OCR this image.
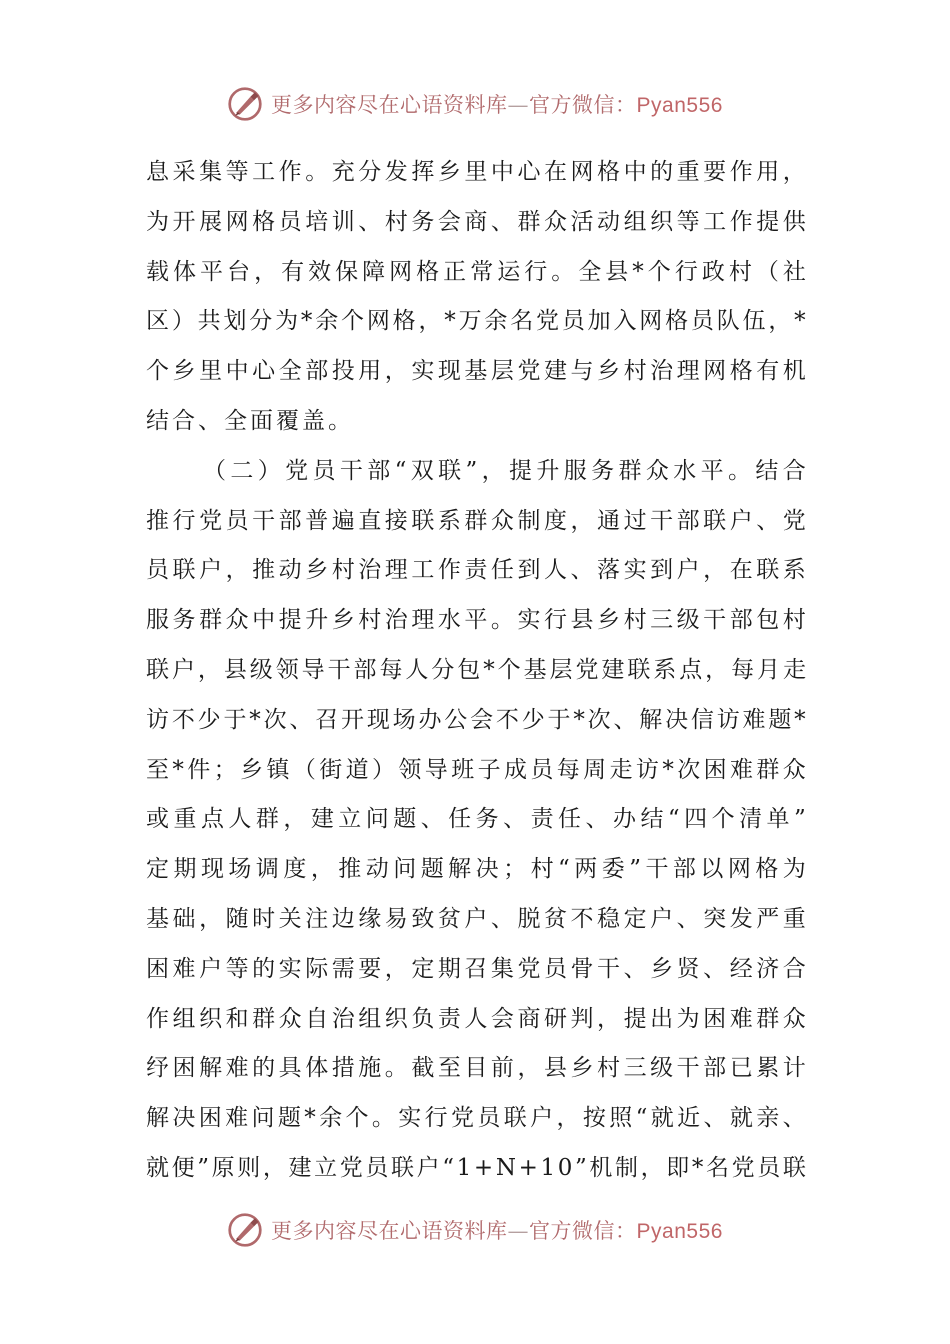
更多内容尽在心语资料库—官方微信：Pyan556
息 采 集 等 工 作 。 充 分 发 挥 乡 里 中 心 在 网 格 中 的 重 要 作 用 ，
为 开 展 网 格 员 培 训 、 村 务 会 商 、 群 众 活 动 组 织 等 工 作 提 供
载 体 平 台 ， 有 效 保 障 网 格 正 常 运 行 。 全 县 * 个 行 政 村 （ 社
区 ） 共 划 分 为 * 余 个 网 格 ， * 万 余 名 党 员 加 入 网 格 员 队 伍 ， *
个 乡 里 中 心 全 部 投 用 ， 实 现 基 层 党 建 与 乡 村 治 理 网 格 有 机
结合、全面覆盖。
（ 二 ） 党 员 干 部 “ 双 联 ” ， 提 升 服 务 群 众 水 平 。 结 合
推 行 党 员 干 部 普 遍 直 接 联 系 群 众 制 度 ， 通 过 干 部 联 户 、 党
员 联 户 ， 推 动 乡 村 治 理 工 作 责 任 到 人 、 落 实 到 户 ， 在 联 系
服 务 群 众 中 提 升 乡 村 治 理 水 平 。 实 行 县 乡 村 三 级 干 部 包 村
联 户 ， 县 级 领 导 干 部 每 人 分 包 * 个 基 层 党 建 联 系 点 ， 每 月 走
访 不 少 于 * 次 、 召 开 现 场 办 公 会 不 少 于 * 次 、 解 决 信 访 难 题 *
至 * 件 ； 乡 镇 （ 街 道 ） 领 导 班 子 成 员 每 周 走 访 * 次 困 难 群 众
或 重 点 人 群 ， 建 立 问 题 、 任 务 、 责 任 、 办 结 “ 四 个 清 单 ”
定 期 现 场 调 度 ， 推 动 问 题 解 决 ； 村 “ 两 委 ” 干 部 以 网 格 为
基 础 ， 随 时 关 注 边 缘 易 致 贫 户 、 脱 贫 不 稳 定 户 、 突 发 严 重
困 难 户 等 的 实 际 需 要 ， 定 期 召 集 党 员 骨 干 、 乡 贤 、 经 济 合
作 组 织 和 群 众 自 治 组 织 负 责 人 会 商 研 判 ， 提 出 为 困 难 群 众
纾 困 解 难 的 具 体 措 施 。 截 至 目 前 ， 县 乡 村 三 级 干 部 已 累 计
解 决 困 难 问 题 * 余 个 。 实 行 党 员 联 户 ， 按 照 “ 就 近 、 就 亲 、
就 便 ” 原 则 ， 建 立 党 员 联 户 “ 1 + N + 1 0 ” 机 制 ， 即 * 名 党 员 联
更多内容尽在心语资料库—官方微信：Pyan556
